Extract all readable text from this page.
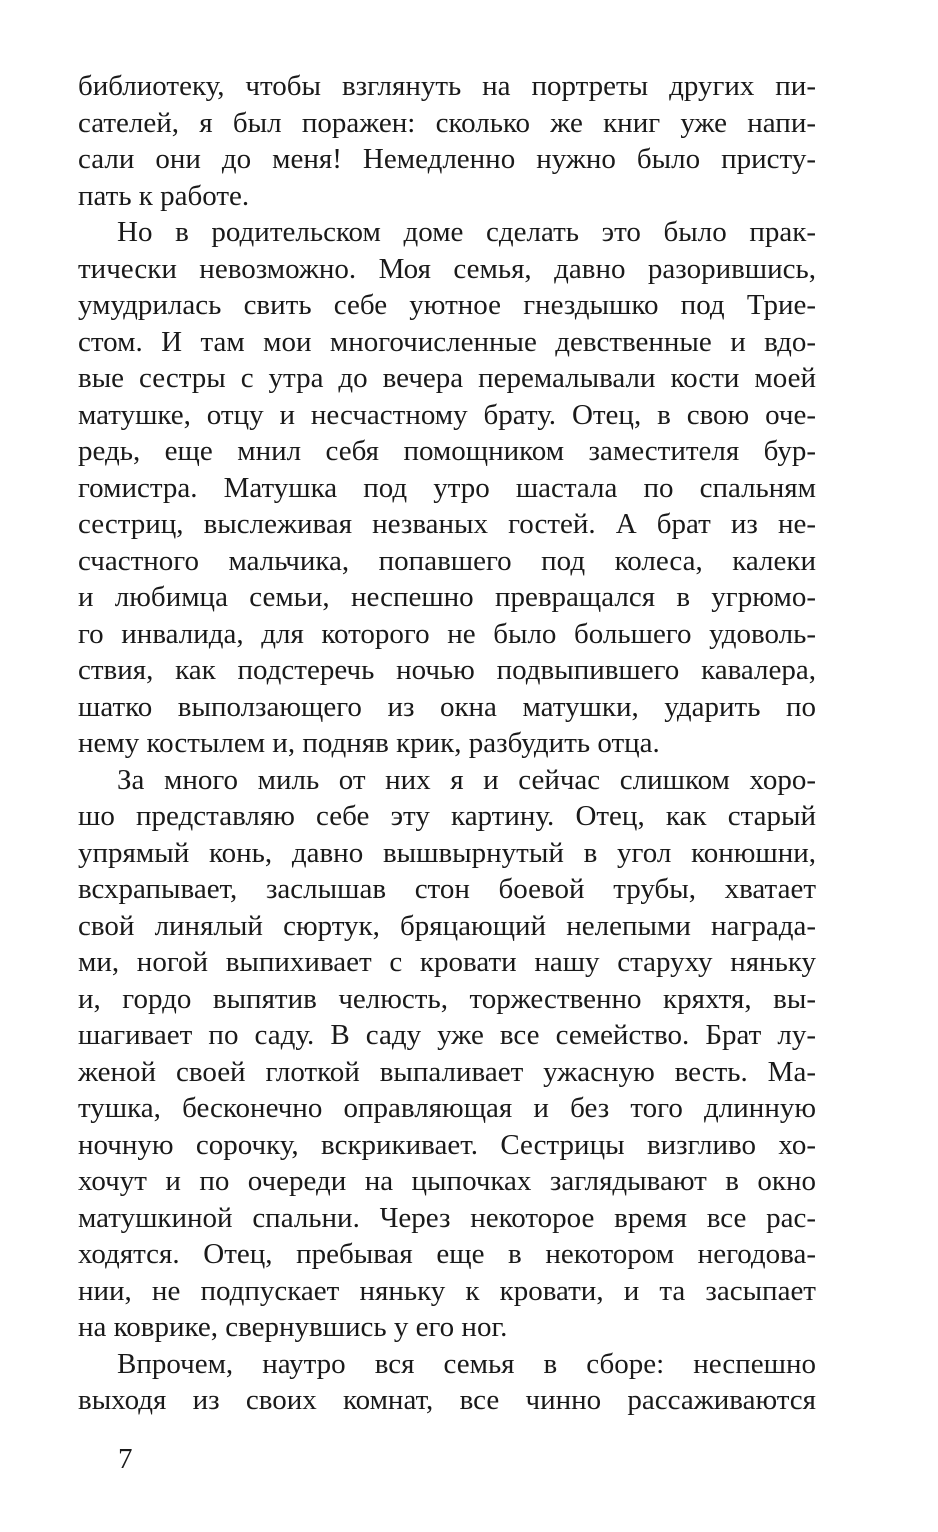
библиотеку, чтобы взглянуть на портреты других пи-
сателей, я был поражен: сколько же книг уже напи-
сали они до меня! Немедленно нужно было присту-
пать к работе.
Но в родительском доме сделать это было прак-
тически невозможно. Моя семья, давно разорившись,
умудрилась свить себе уютное гнездышко под Трие-
стом. И там мои многочисленные девственные и вдо-
вые сестры с утра до вечера перемалывали кости моей
матушке, отцу и несчастному брату. Отец, в свою оче-
редь, еще мнил себя помощником заместителя бур-
гомистра. Матушка под утро шастала по спальням
сестриц, выслеживая незваных гостей. А брат из не-
счастного мальчика, попавшего под колеса, калеки
и любимца семьи, неспешно превращался в угрюмо-
го инвалида, для которого не было большего удоволь-
ствия, как подстеречь ночью подвыпившего кавалера,
шатко выползающего из окна матушки, ударить по
нему костылем и, подняв крик, разбудить отца.
За много миль от них я и сейчас слишком хоро-
шо представляю себе эту картину. Отец, как старый
упрямый конь, давно вышвырнутый в угол конюшни,
всхрапывает, заслышав стон боевой трубы, хватает
свой линялый сюртук, бряцающий нелепыми награда-
ми, ногой выпихивает с кровати нашу старуху няньку
и, гордо выпятив челюсть, торжественно кряхтя, вы-
шагивает по саду. В саду уже все семейство. Брат лу-
женой своей глоткой выпаливает ужасную весть. Ма-
тушка, бесконечно оправляющая и без того длинную
ночную сорочку, вскрикивает. Сестрицы визгливо хо-
хочут и по очереди на цыпочках заглядывают в окно
матушкиной спальни. Через некоторое время все рас-
ходятся. Отец, пребывая еще в некотором негодова-
нии, не подпускает няньку к кровати, и та засыпает
на коврике, свернувшись у его ног.
Впрочем, наутро вся семья в сборе: неспешно
выходя из своих комнат, все чинно рассаживаются
7
